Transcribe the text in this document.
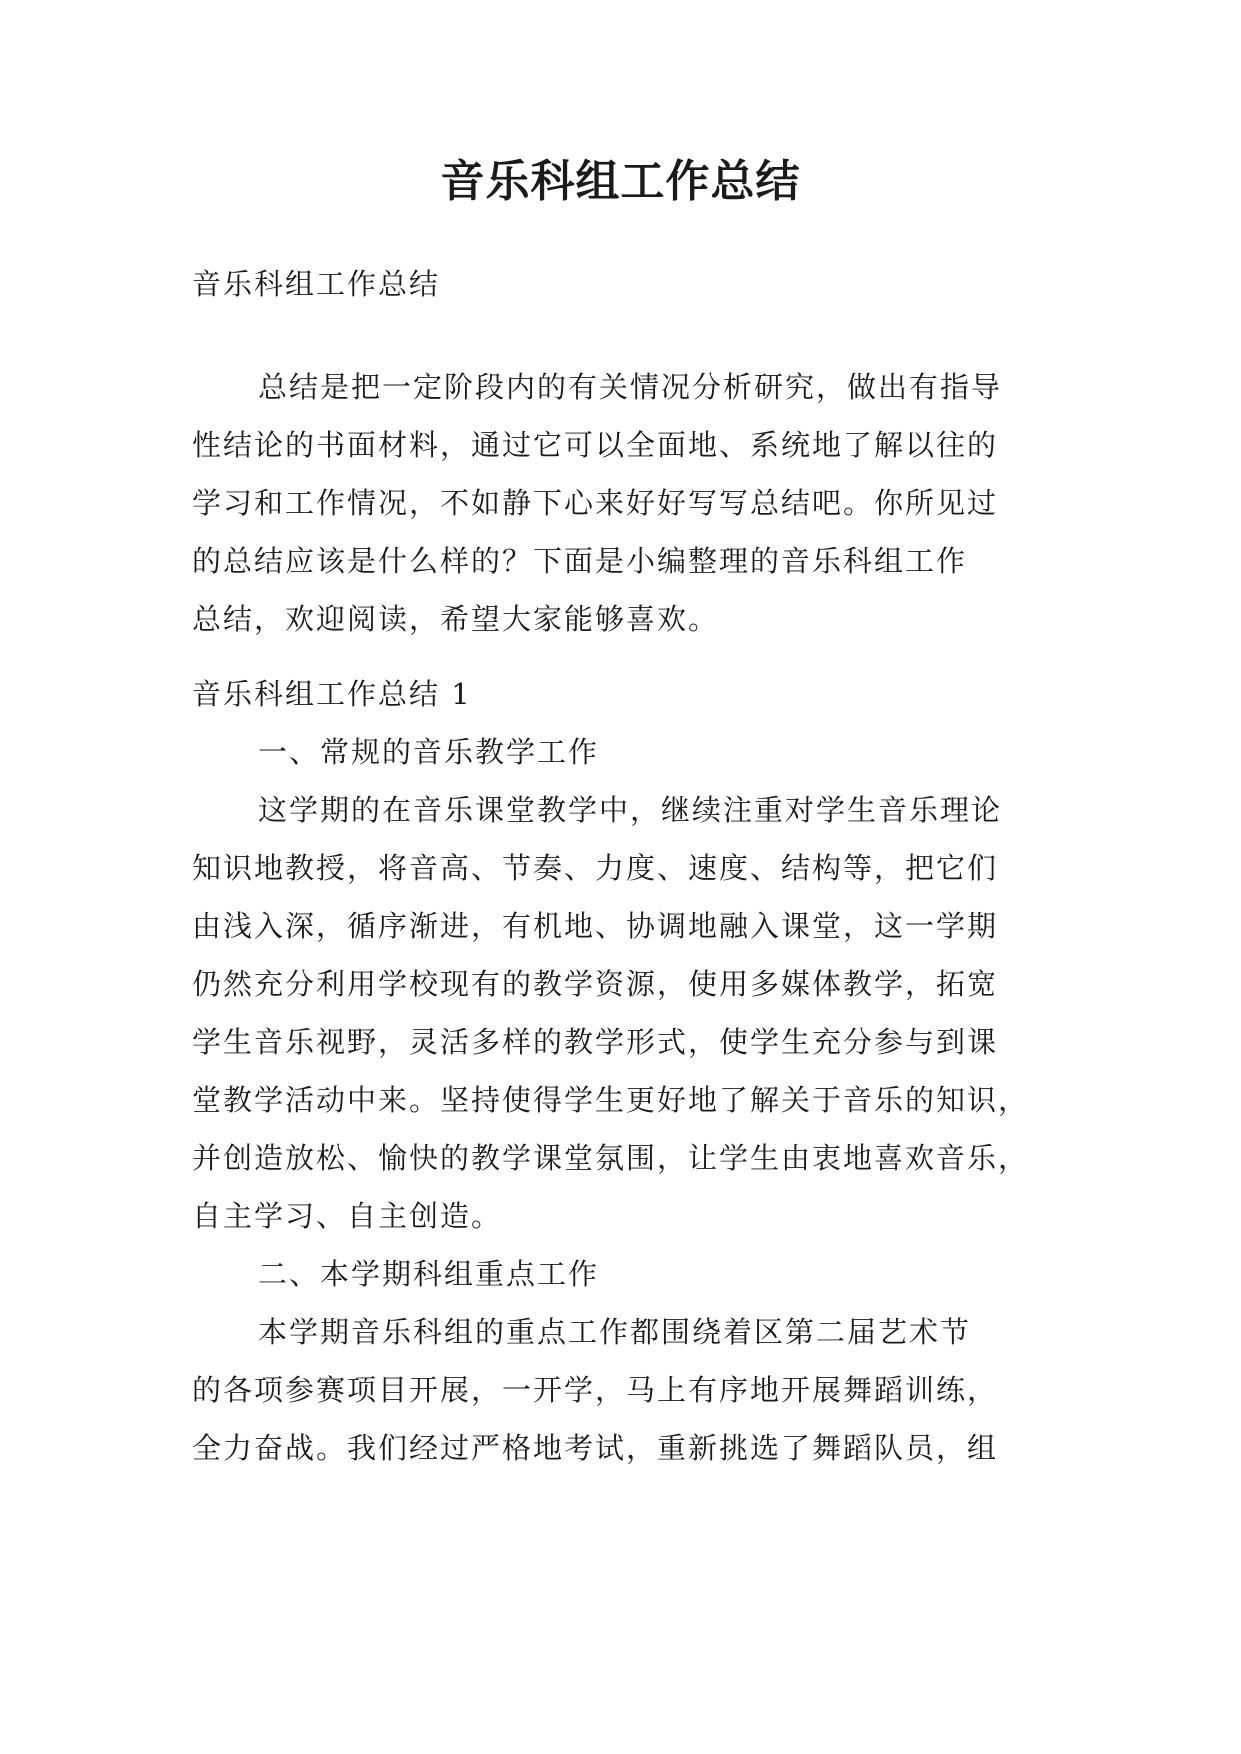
音乐科组工作总结
音乐科组工作总结
总结是把一定阶段内的有关情况分析研究，做出有指导
性结论的书面材料，通过它可以全面地、系统地了解以往的
学习和工作情况，不如静下心来好好写写总结吧。你所见过
的总结应该是什么样的？下面是小编整理的音乐科组工作
总结，欢迎阅读，希望大家能够喜欢。
音乐科组工作总结 1
一、常规的音乐教学工作
这学期的在音乐课堂教学中，继续注重对学生音乐理论
知识地教授，将音高、节奏、力度、速度、结构等，把它们
由浅入深，循序渐进，有机地、协调地融入课堂，这一学期
仍然充分利用学校现有的教学资源，使用多媒体教学，拓宽
学生音乐视野，灵活多样的教学形式，使学生充分参与到课
堂教学活动中来。坚持使得学生更好地了解关于音乐的知识，
并创造放松、愉快的教学课堂氛围，让学生由衷地喜欢音乐，
自主学习、自主创造。
二、本学期科组重点工作
本学期音乐科组的重点工作都围绕着区第二届艺术节
的各项参赛项目开展，一开学，马上有序地开展舞蹈训练，
全力奋战。我们经过严格地考试，重新挑选了舞蹈队员，组
